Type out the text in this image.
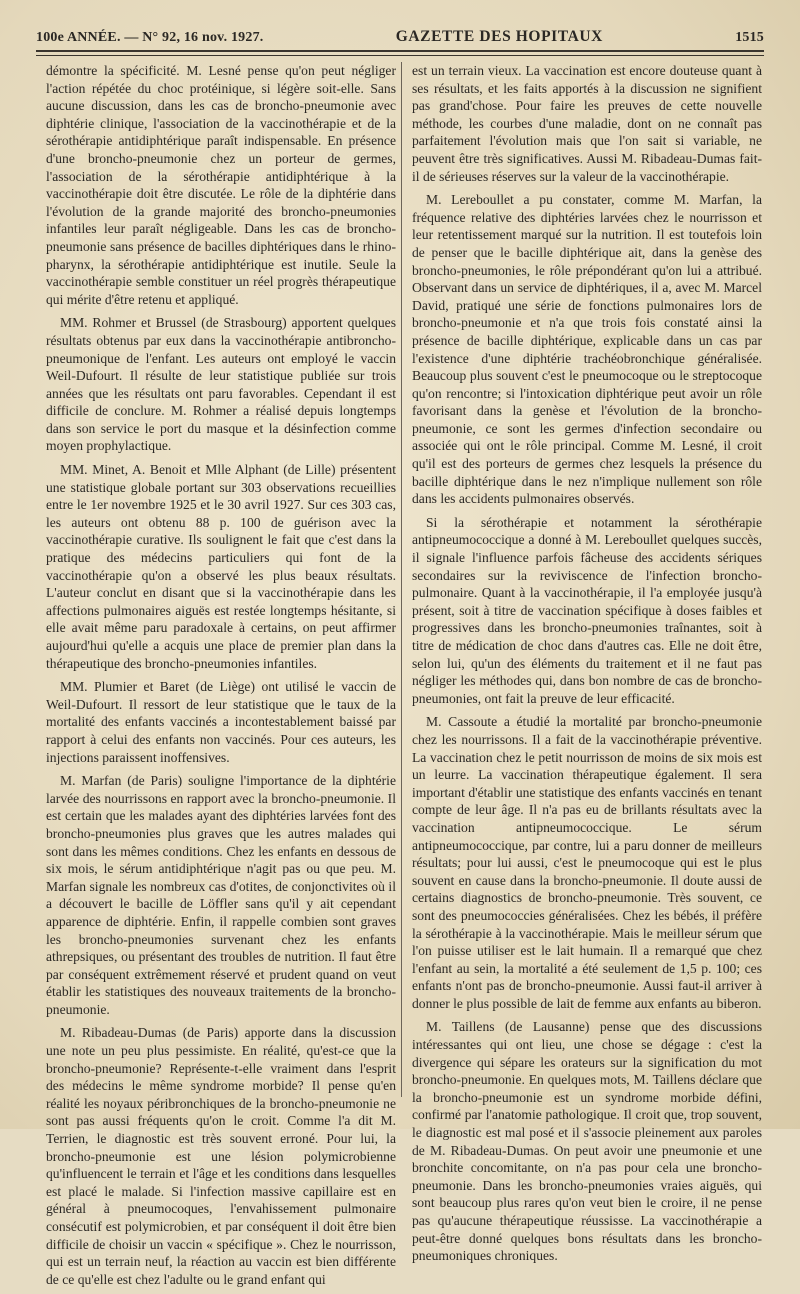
100e ANNÉE. — N° 92, 16 nov. 1927.	GAZETTE DES HOPITAUX	1515

démontre la spécificité. M. Lesné pense qu'on peut négliger l'action répétée du choc protéinique, si légère soit-elle. Sans aucune discussion, dans les cas de broncho-pneumonie avec diphtérie clinique, l'association de la vaccinothérapie et de la sérothérapie antidiphtérique paraît indispensable. En présence d'une broncho-pneumonie chez un porteur de germes, l'association de la sérothérapie antidiphtérique à la vaccinothérapie doit être discutée. Le rôle de la diphtérie dans l'évolution de la grande majorité des broncho-pneumonies infantiles leur paraît négligeable. Dans les cas de broncho-pneumonie sans présence de bacilles diphtériques dans le rhino-pharynx, la sérothérapie antidiphtérique est inutile. Seule la vaccinothérapie semble constituer un réel progrès thérapeutique qui mérite d'être retenu et appliqué.

MM. Rohmer et Brussel (de Strasbourg) apportent quelques résultats obtenus par eux dans la vaccinothérapie antibroncho-pneumonique de l'enfant. Les auteurs ont employé le vaccin Weil-Dufourt. Il résulte de leur statistique publiée sur trois années que les résultats ont paru favorables. Cependant il est difficile de conclure. M. Rohmer a réalisé depuis longtemps dans son service le port du masque et la désinfection comme moyen prophylactique.

MM. Minet, A. Benoit et Mlle Alphant (de Lille) présentent une statistique globale portant sur 303 observations recueillies entre le 1er novembre 1925 et le 30 avril 1927. Sur ces 303 cas, les auteurs ont obtenu 88 p. 100 de guérison avec la vaccinothérapie curative. Ils soulignent le fait que c'est dans la pratique des médecins particuliers qui font de la vaccinothérapie qu'on a observé les plus beaux résultats. L'auteur conclut en disant que si la vaccinothérapie dans les affections pulmonaires aiguës est restée longtemps hésitante, si elle avait même paru paradoxale à certains, on peut affirmer aujourd'hui qu'elle a acquis une place de premier plan dans la thérapeutique des broncho-pneumonies infantiles.

MM. Plumier et Baret (de Liège) ont utilisé le vaccin de Weil-Dufourt. Il ressort de leur statistique que le taux de la mortalité des enfants vaccinés a incontestablement baissé par rapport à celui des enfants non vaccinés. Pour ces auteurs, les injections paraissent inoffensives.

M. Marfan (de Paris) souligne l'importance de la diphtérie larvée des nourrissons en rapport avec la broncho-pneumonie. Il est certain que les malades ayant des diphtéries larvées font des broncho-pneumonies plus graves que les autres malades qui sont dans les mêmes conditions. Chez les enfants en dessous de six mois, le sérum antidiphtérique n'agit pas ou que peu. M. Marfan signale les nombreux cas d'otites, de conjonctivites où il a découvert le bacille de Löffler sans qu'il y ait cependant apparence de diphtérie. Enfin, il rappelle combien sont graves les broncho-pneumonies survenant chez les enfants athrepsiques, ou présentant des troubles de nutrition. Il faut être par conséquent extrêmement réservé et prudent quand on veut établir les statistiques des nouveaux traitements de la broncho-pneumonie.

M. Ribadeau-Dumas (de Paris) apporte dans la discussion une note un peu plus pessimiste. En réalité, qu'est-ce que la broncho-pneumonie? Représente-t-elle vraiment dans l'esprit des médecins le même syndrome morbide? Il pense qu'en réalité les noyaux péribronchiques de la broncho-pneumonie ne sont pas aussi fréquents qu'on le croit. Comme l'a dit M. Terrien, le diagnostic est très souvent erroné. Pour lui, la broncho-pneumonie est une lésion polymicrobienne qu'influencent le terrain et l'âge et les conditions dans lesquelles est placé le malade. Si l'infection massive capillaire est en général à pneumocoques, l'envahissement pulmonaire consécutif est polymicrobien, et par conséquent il doit être bien difficile de choisir un vaccin « spécifique ». Chez le nourrisson, qui est un terrain neuf, la réaction au vaccin est bien différente de ce qu'elle est chez l'adulte ou le grand enfant qui

est un terrain vieux. La vaccination est encore douteuse quant à ses résultats, et les faits apportés à la discussion ne signifient pas grand'chose. Pour faire les preuves de cette nouvelle méthode, les courbes d'une maladie, dont on ne connaît pas parfaitement l'évolution mais que l'on sait si variable, ne peuvent être très significatives. Aussi M. Ribadeau-Dumas fait-il de sérieuses réserves sur la valeur de la vaccinothérapie.

M. Lereboullet a pu constater, comme M. Marfan, la fréquence relative des diphtéries larvées chez le nourrisson et leur retentissement marqué sur la nutrition. Il est toutefois loin de penser que le bacille diphtérique ait, dans la genèse des broncho-pneumonies, le rôle prépondérant qu'on lui a attribué. Observant dans un service de diphtériques, il a, avec M. Marcel David, pratiqué une série de fonctions pulmonaires lors de broncho-pneumonie et n'a que trois fois constaté ainsi la présence de bacille diphtérique, explicable dans un cas par l'existence d'une diphtérie trachéobronchique généralisée. Beaucoup plus souvent c'est le pneumocoque ou le streptocoque qu'on rencontre; si l'intoxication diphtérique peut avoir un rôle favorisant dans la genèse et l'évolution de la broncho-pneumonie, ce sont les germes d'infection secondaire ou associée qui ont le rôle principal. Comme M. Lesné, il croit qu'il est des porteurs de germes chez lesquels la présence du bacille diphtérique dans le nez n'implique nullement son rôle dans les accidents pulmonaires observés.

Si la sérothérapie et notamment la sérothérapie antipneumococcique a donné à M. Lereboullet quelques succès, il signale l'influence parfois fâcheuse des accidents sériques secondaires sur la reviviscence de l'infection broncho-pulmonaire. Quant à la vaccinothérapie, il l'a employée jusqu'à présent, soit à titre de vaccination spécifique à doses faibles et progressives dans les broncho-pneumonies traînantes, soit à titre de médication de choc dans d'autres cas. Elle ne doit être, selon lui, qu'un des éléments du traitement et il ne faut pas négliger les méthodes qui, dans bon nombre de cas de broncho-pneumonies, ont fait la preuve de leur efficacité.

M. Cassoute a étudié la mortalité par broncho-pneumonie chez les nourrissons. Il a fait de la vaccinothérapie préventive. La vaccination chez le petit nourrisson de moins de six mois est un leurre. La vaccination thérapeutique également. Il sera important d'établir une statistique des enfants vaccinés en tenant compte de leur âge. Il n'a pas eu de brillants résultats avec la vaccination antipneumococcique. Le sérum antipneumococcique, par contre, lui a paru donner de meilleurs résultats; pour lui aussi, c'est le pneumocoque qui est le plus souvent en cause dans la broncho-pneumonie. Il doute aussi de certains diagnostics de broncho-pneumonie. Très souvent, ce sont des pneumococcies généralisées. Chez les bébés, il préfère la sérothérapie à la vaccinothérapie. Mais le meilleur sérum que l'on puisse utiliser est le lait humain. Il a remarqué que chez l'enfant au sein, la mortalité a été seulement de 1,5 p. 100; ces enfants n'ont pas de broncho-pneumonie. Aussi faut-il arriver à donner le plus possible de lait de femme aux enfants au biberon.

M. Taillens (de Lausanne) pense que des discussions intéressantes qui ont lieu, une chose se dégage : c'est la divergence qui sépare les orateurs sur la signification du mot broncho-pneumonie. En quelques mots, M. Taillens déclare que la broncho-pneumonie est un syndrome morbide défini, confirmé par l'anatomie pathologique. Il croit que, trop souvent, le diagnostic est mal posé et il s'associe pleinement aux paroles de M. Ribadeau-Dumas. On peut avoir une pneumonie et une bronchite concomitante, on n'a pas pour cela une broncho-pneumonie. Dans les broncho-pneumonies vraies aiguës, qui sont beaucoup plus rares qu'on veut bien le croire, il ne pense pas qu'aucune thérapeutique réussisse. La vaccinothérapie a peut-être donné quelques bons résultats dans les broncho-pneumoniques chroniques.
